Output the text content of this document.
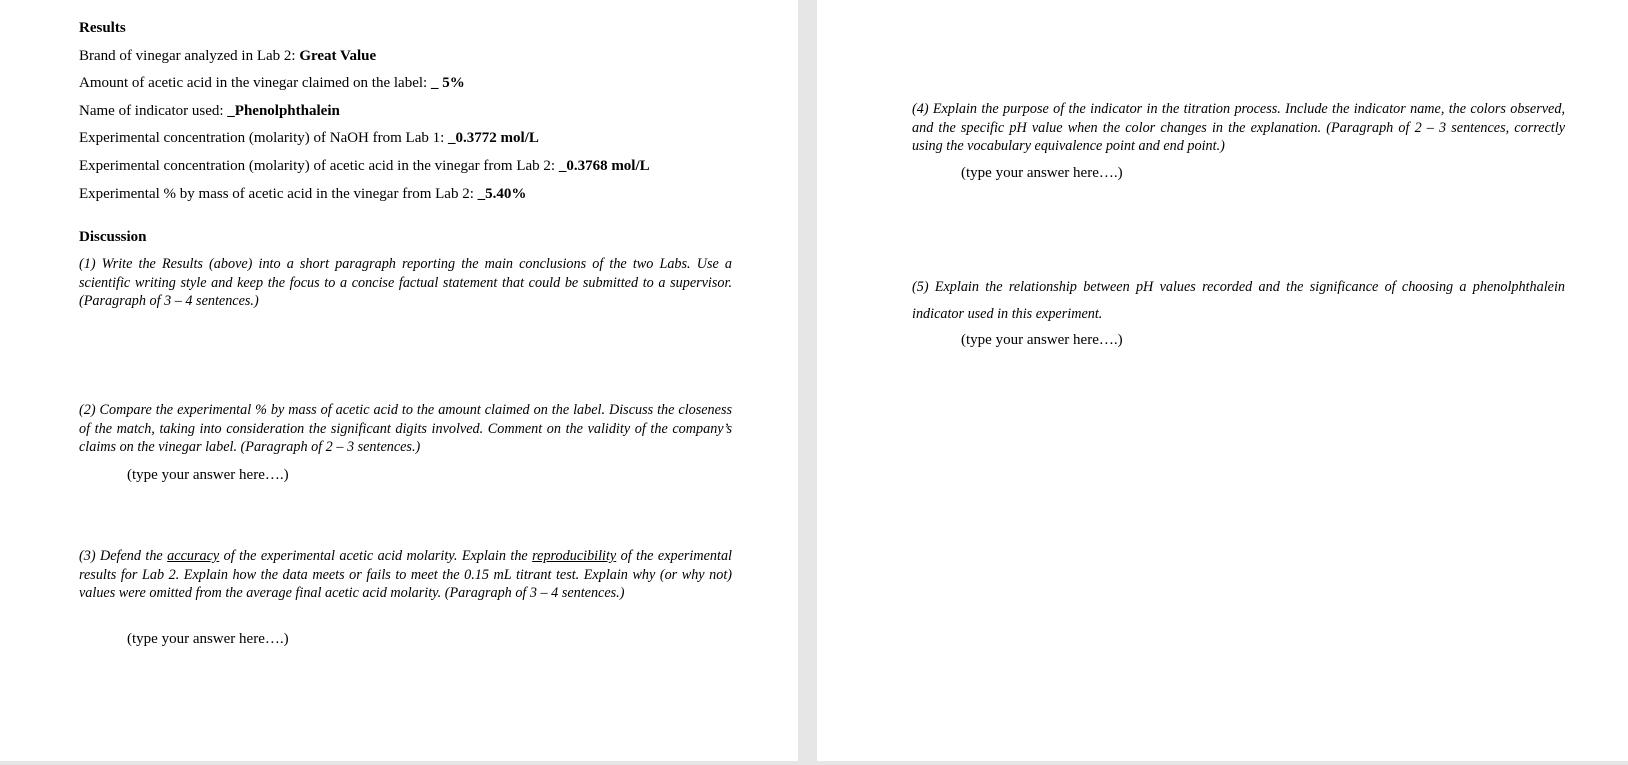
Results
Brand of vinegar analyzed in Lab 2: Great Value
Amount of acetic acid in the vinegar claimed on the label: _ 5%
Name of indicator used: _Phenolphthalein
Experimental concentration (molarity) of NaOH from Lab 1: _0.3772 mol/L
Experimental concentration (molarity) of acetic acid in the vinegar from Lab 2: _0.3768 mol/L
Experimental % by mass of acetic acid in the vinegar from Lab 2: _5.40%
Discussion
(1) Write the Results (above) into a short paragraph reporting the main conclusions of the two Labs. Use a scientific writing style and keep the focus to a concise factual statement that could be submitted to a supervisor. (Paragraph of 3 – 4 sentences.)
(2) Compare the experimental % by mass of acetic acid to the amount claimed on the label. Discuss the closeness of the match, taking into consideration the significant digits involved. Comment on the validity of the company’s claims on the vinegar label. (Paragraph of 2 – 3 sentences.)
(type your answer here….)
(3) Defend the accuracy of the experimental acetic acid molarity. Explain the reproducibility of the experimental results for Lab 2. Explain how the data meets or fails to meet the 0.15 mL titrant test. Explain why (or why not) values were omitted from the average final acetic acid molarity. (Paragraph of 3 – 4 sentences.)
(type your answer here….)
(4) Explain the purpose of the indicator in the titration process. Include the indicator name, the colors observed, and the specific pH value when the color changes in the explanation. (Paragraph of 2 – 3 sentences, correctly using the vocabulary equivalence point and end point.)
(type your answer here….)
(5) Explain the relationship between pH values recorded and the significance of choosing a phenolphthalein indicator used in this experiment.
(type your answer here….)
